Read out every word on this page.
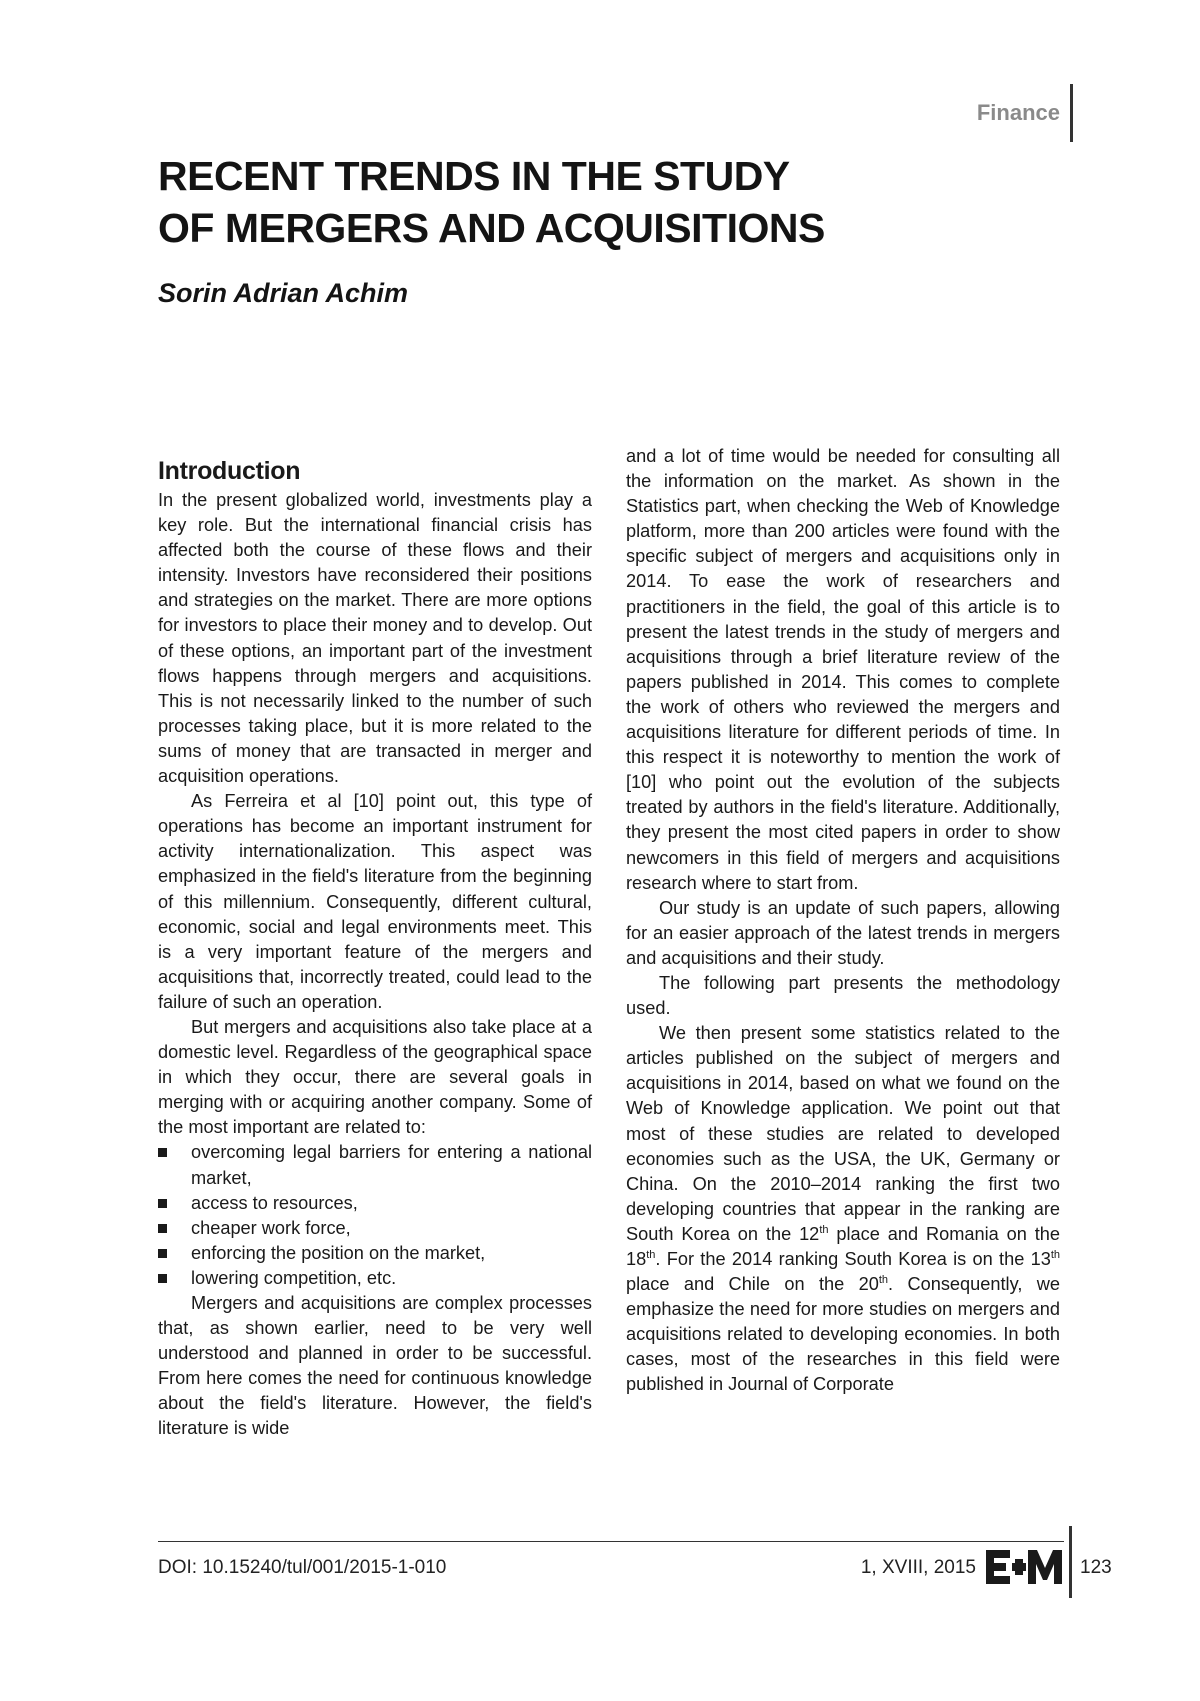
Finance
RECENT TRENDS IN THE STUDY
OF MERGERS AND ACQUISITIONS

Sorin Adrian Achim

Introduction

In the present globalized world, investments play a key role. But the international financial crisis has affected both the course of these flows and their intensity. Investors have reconsidered their positions and strategies on the market. There are more options for investors to place their money and to develop. Out of these options, an important part of the investment flows happens through mergers and acquisitions. This is not necessarily linked to the number of such processes taking place, but it is more related to the sums of money that are transacted in merger and acquisition operations.

As Ferreira et al [10] point out, this type of operations has become an important instrument for activity internationalization. This aspect was emphasized in the field's literature from the beginning of this millennium. Consequently, different cultural, economic, social and legal environments meet. This is a very important feature of the mergers and acquisitions that, incorrectly treated, could lead to the failure of such an operation.

But mergers and acquisitions also take place at a domestic level. Regardless of the geographical space in which they occur, there are several goals in merging with or acquiring another company. Some of the most important are related to:

overcoming legal barriers for entering a national market,
access to resources,
cheaper work force,
enforcing the position on the market,
lowering competition, etc.

Mergers and acquisitions are complex processes that, as shown earlier, need to be very well understood and planned in order to be successful. From here comes the need for continuous knowledge about the field's literature. However, the field's literature is wide

and a lot of time would be needed for consulting all the information on the market. As shown in the Statistics part, when checking the Web of Knowledge platform, more than 200 articles were found with the specific subject of mergers and acquisitions only in 2014. To ease the work of researchers and practitioners in the field, the goal of this article is to present the latest trends in the study of mergers and acquisitions through a brief literature review of the papers published in 2014. This comes to complete the work of others who reviewed the mergers and acquisitions literature for different periods of time. In this respect it is noteworthy to mention the work of [10] who point out the evolution of the subjects treated by authors in the field's literature. Additionally, they present the most cited papers in order to show newcomers in this field of mergers and acquisitions research where to start from.

Our study is an update of such papers, allowing for an easier approach of the latest trends in mergers and acquisitions and their study.

The following part presents the methodology used.

We then present some statistics related to the articles published on the subject of mergers and acquisitions in 2014, based on what we found on the Web of Knowledge application. We point out that most of these studies are related to developed economies such as the USA, the UK, Germany or China. On the 2010–2014 ranking the first two developing countries that appear in the ranking are South Korea on the 12th place and Romania on the 18th. For the 2014 ranking South Korea is on the 13th place and Chile on the 20th. Consequently, we emphasize the need for more studies on mergers and acquisitions related to developing economies. In both cases, most of the researches in this field were published in Journal of Corporate

DOI: 10.15240/tul/001/2015-1-010	1, XVIII, 2015	123
